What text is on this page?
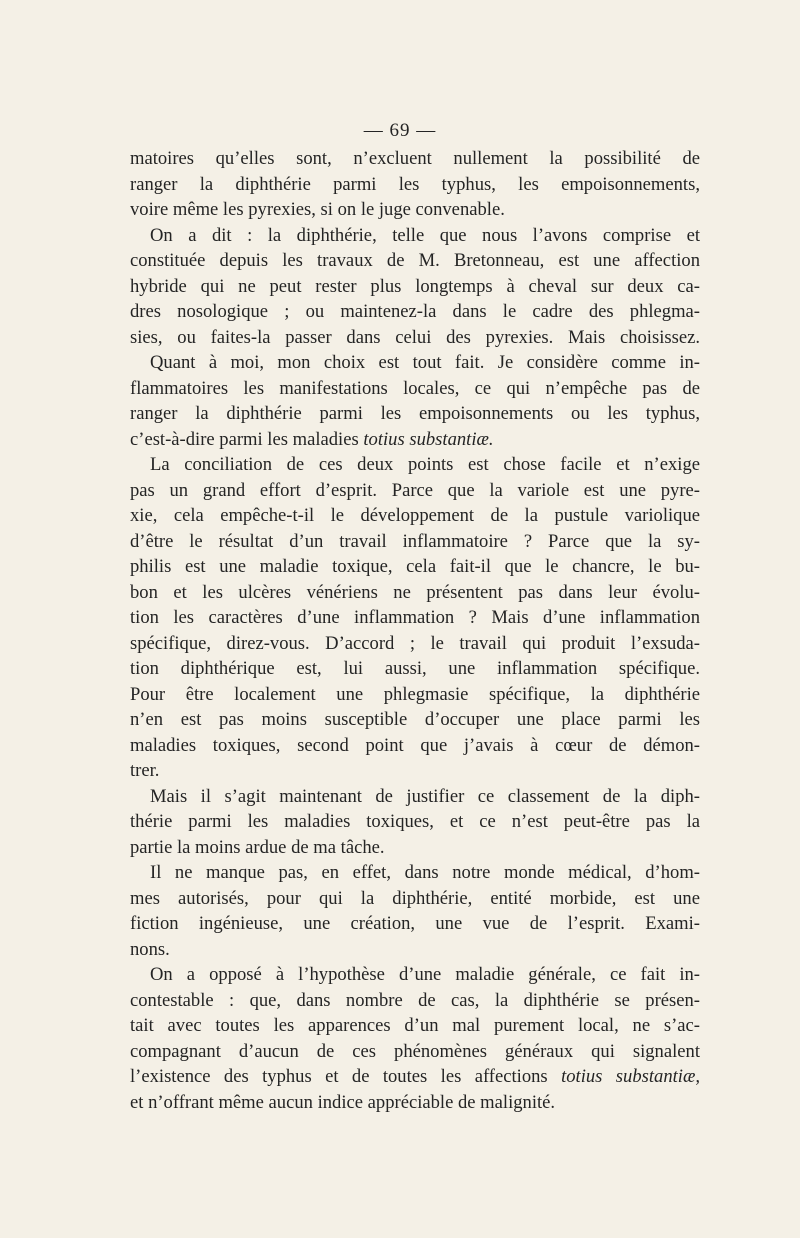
— 69 —
matoires qu’elles sont, n’excluent nullement la possibilité de
ranger la diphthérie parmi les typhus, les empoisonnements,
voire même les pyrexies, si on le juge convenable.
On a dit : la diphthérie, telle que nous l’avons comprise et
constituée depuis les travaux de M. Bretonneau, est une affection
hybride qui ne peut rester plus longtemps à cheval sur deux ca-
dres nosologique ; ou maintenez-la dans le cadre des phlegma-
sies, ou faites-la passer dans celui des pyrexies. Mais choisissez.
Quant à moi, mon choix est tout fait. Je considère comme in-
flammatoires les manifestations locales, ce qui n’empêche pas de
ranger la diphthérie parmi les empoisonnements ou les typhus,
c’est-à-dire parmi les maladies totius substantiæ.
La conciliation de ces deux points est chose facile et n’exige
pas un grand effort d’esprit. Parce que la variole est une pyre-
xie, cela empêche-t-il le développement de la pustule variolique
d’être le résultat d’un travail inflammatoire ? Parce que la sy-
philis est une maladie toxique, cela fait-il que le chancre, le bu-
bon et les ulcères vénériens ne présentent pas dans leur évolu-
tion les caractères d’une inflammation ? Mais d’une inflammation
spécifique, direz-vous. D’accord ; le travail qui produit l’exsuda-
tion diphthérique est, lui aussi, une inflammation spécifique.
Pour être localement une phlegmasie spécifique, la diphthérie
n’en est pas moins susceptible d’occuper une place parmi les
maladies toxiques, second point que j’avais à cœur de démon-
trer.
Mais il s’agit maintenant de justifier ce classement de la diph-
thérie parmi les maladies toxiques, et ce n’est peut-être pas la
partie la moins ardue de ma tâche.
Il ne manque pas, en effet, dans notre monde médical, d’hom-
mes autorisés, pour qui la diphthérie, entité morbide, est une
fiction ingénieuse, une création, une vue de l’esprit. Exami-
nons.
On a opposé à l’hypothèse d’une maladie générale, ce fait in-
contestable : que, dans nombre de cas, la diphthérie se présen-
tait avec toutes les apparences d’un mal purement local, ne s’ac-
compagnant d’aucun de ces phénomènes généraux qui signalent
l’existence des typhus et de toutes les affections totius substantiæ,
et n’offrant même aucun indice appréciable de malignité.
